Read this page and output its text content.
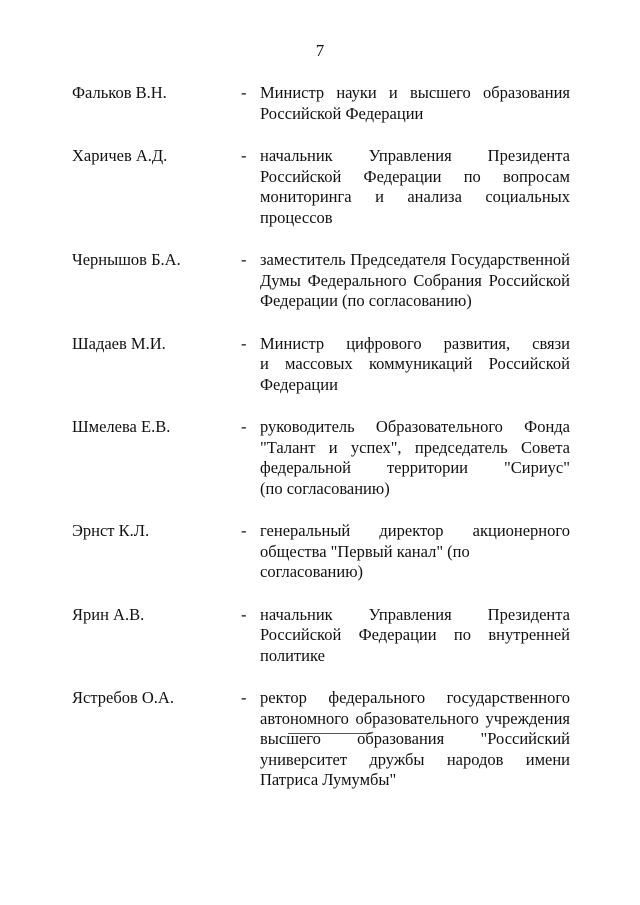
7
Фальков В.Н.	- Министр науки и высшего образования
Российской Федерации
Харичев А.Д.	- начальник Управления Президента
Российской Федерации по вопросам
мониторинга и анализа социальных
процессов
Чернышов Б.А.	- заместитель Председателя Государственной
Думы Федерального Собрания Российской
Федерации (по согласованию)
Шадаев М.И.	- Министр цифрового развития, связи
и массовых коммуникаций Российской
Федерации
Шмелева Е.В.	- руководитель Образовательного Фонда
"Талант и успех", председатель Совета
федеральной территории "Сириус"
(по согласованию)
Эрнст К.Л.	- генеральный директор акционерного
общества "Первый канал" (по согласованию)
Ярин А.В.	- начальник Управления Президента
Российской Федерации по внутренней
политике
Ястребов О.А.	- ректор федерального государственного
автономного образовательного учреждения
высшего образования "Российский
университет дружбы народов имени
Патриса Лумумбы"
